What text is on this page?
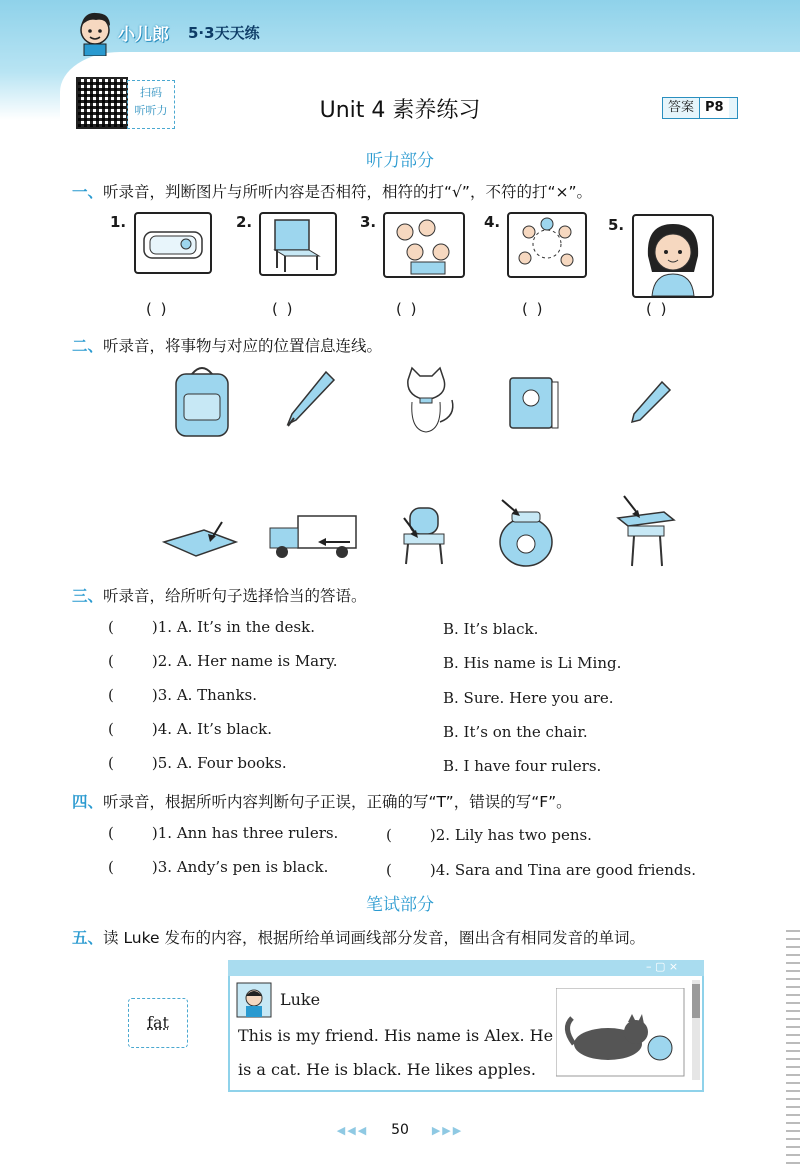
小儿郎 5·3天天练
扫码
听听力	Unit 4 素养练习	答案 P8
听力部分
一、听录音，判断图片与所听内容是否相符，相符的打“√”，不符的打“×”。
1.
( )
2.
( )
3.
( )
4.
( )
5.
( )
二、听录音，将事物与对应的位置信息连线。
三、听录音，给所听句子选择恰当的答语。
(	)1. A. It’s in the desk.	B. It’s black.
(	)2. A. Her name is Mary.	B. His name is Li Ming.
(	)3. A. Thanks.	B. Sure. Here you are.
(	)4. A. It’s black.	B. It’s on the chair.
(	)5. A. Four books.	B. I have four rulers.
四、听录音，根据所听内容判断句子正误，正确的写“T”，错误的写“F”。
(	)1. Ann has three rulers.	(	)2. Lily has two pens.
(	)3. Andy’s pen is black.	(	)4. Sara and Tina are good friends.
笔试部分
五、读 Luke 发布的内容，根据所给单词画线部分发音，圈出含有相同发音的单词。
fat
– ▢ ×
Luke
This is my friend. His name is Alex. He
is a cat. He is black. He likes apples.
◀◀◀ 50 ▶▶▶
